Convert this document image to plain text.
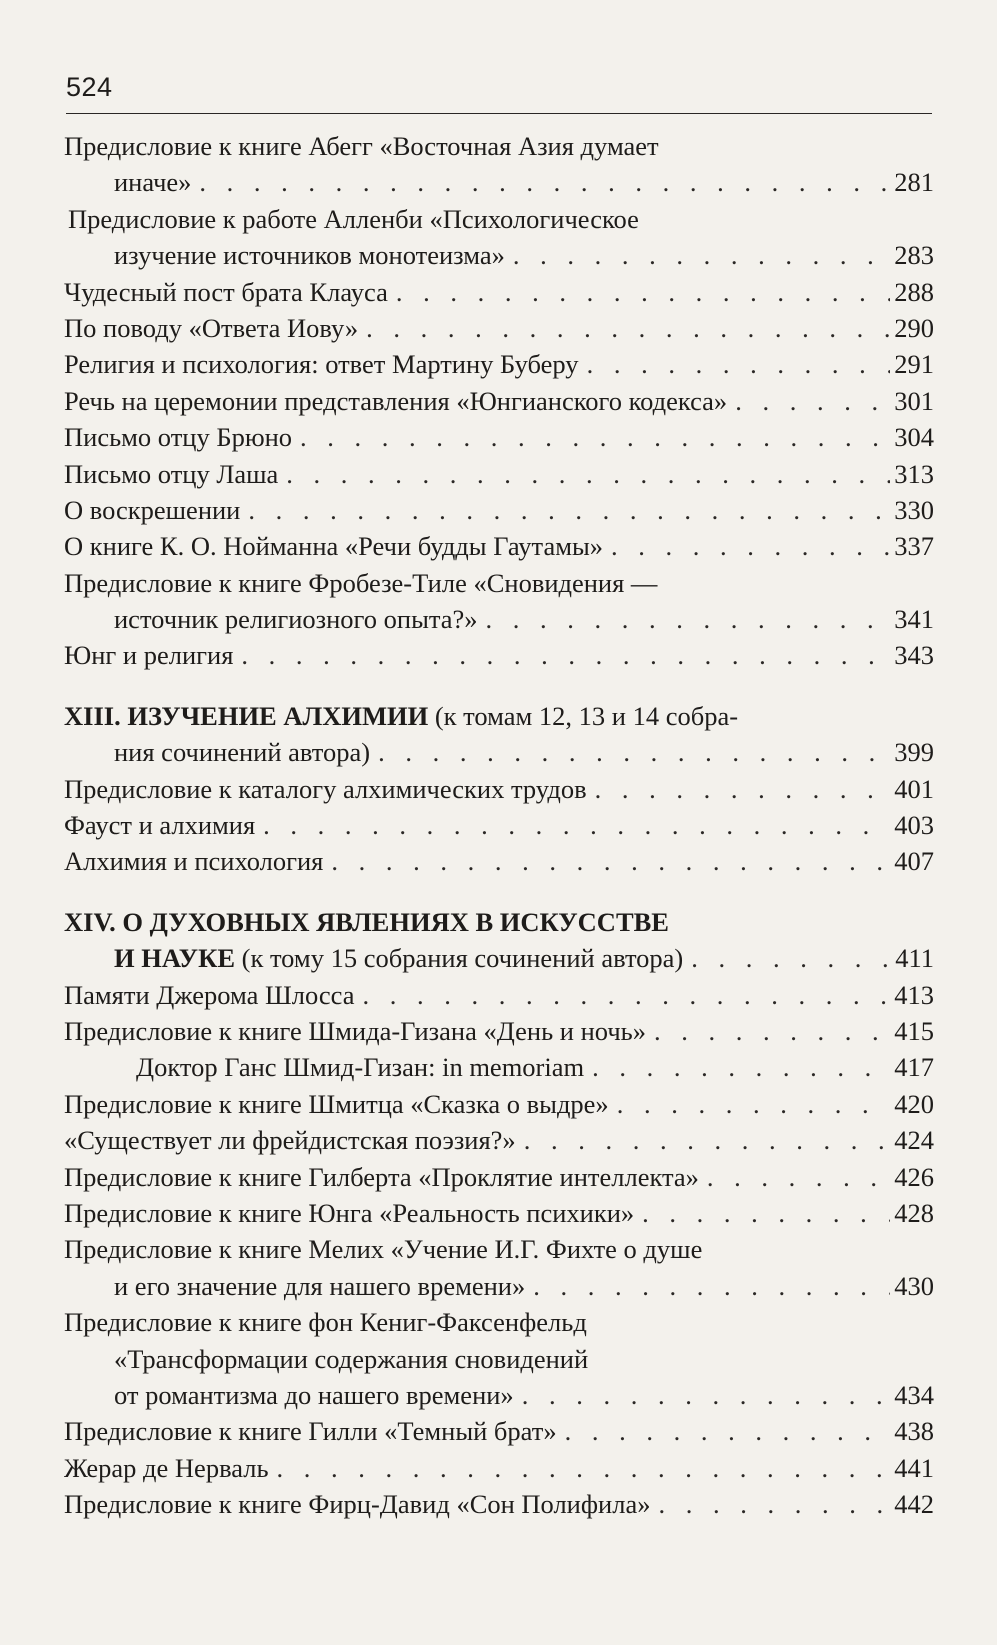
524
Предисловие к книге Абегг «Восточная Азия думает
иначе» . . .	281
Предисловие к работе Алленби «Психологическое
изучение источников монотеизма» . . .	283
Чудесный пост брата Клауса . . .	288
По поводу «Ответа Иову» . . .	290
Религия и психология: ответ Мартину Буберу . . .	291
Речь на церемонии представления «Юнгианского кодекса» . . .	301
Письмо отцу Брюно . . .	304
Письмо отцу Лаша . . .	313
О воскрешении . . .	330
О книге К. О. Нойманна «Речи будды Гаутамы» . . .	337
Предисловие к книге Фробезе-Тиле «Сновидения —
источник религиозного опыта?» . . .	341
Юнг и религия . . .	343
XIII. ИЗУЧЕНИЕ АЛХИМИИ (к томам 12, 13 и 14 собра-
ния сочинений автора) . . .	399
Предисловие к каталогу алхимических трудов . . .	401
Фауст и алхимия . . .	403
Алхимия и психология . . .	407
XIV. О ДУХОВНЫХ ЯВЛЕНИЯХ В ИСКУССТВЕ
И НАУКЕ (к тому 15 собрания сочинений автора) . . .	411
Памяти Джерома Шлосса . . .	413
Предисловие к книге Шмида-Гизана «День и ночь» . . .	415
Доктор Ганс Шмид-Гизан: in memoriam . . .	417
Предисловие к книге Шмитца «Сказка о выдре» . . .	420
«Существует ли фрейдистская поэзия?» . . .	424
Предисловие к книге Гилберта «Проклятие интеллекта» . . .	426
Предисловие к книге Юнга «Реальность психики» . . .	428
Предисловие к книге Мелих «Учение И.Г. Фихте о душе
и его значение для нашего времени» . . .	430
Предисловие к книге фон Кениг-Факсенфельд
«Трансформации содержания сновидений
от романтизма до нашего времени» . . .	434
Предисловие к книге Гилли «Темный брат» . . .	438
Жерар де Нерваль . . .	441
Предисловие к книге Фирц-Давид «Сон Полифила» . . .	442
